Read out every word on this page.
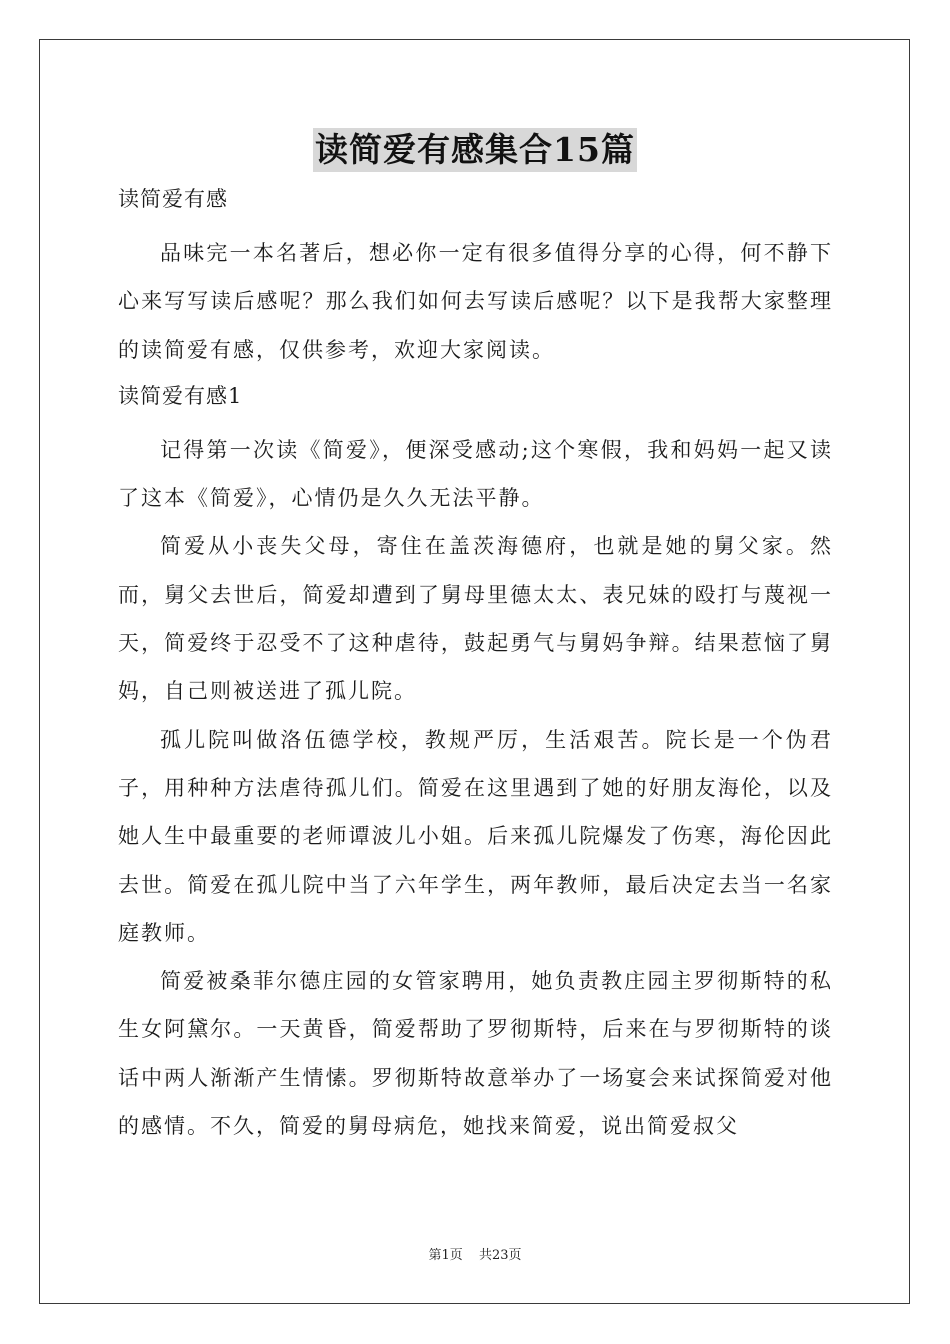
读简爱有感集合15篇

读简爱有感

品味完一本名著后，想必你一定有很多值得分享的心得，何不静下心来写写读后感呢？那么我们如何去写读后感呢？以下是我帮大家整理的读简爱有感，仅供参考，欢迎大家阅读。

读简爱有感1

记得第一次读《简爱》，便深受感动;这个寒假，我和妈妈一起又读了这本《简爱》，心情仍是久久无法平静。

简爱从小丧失父母，寄住在盖茨海德府，也就是她的舅父家。然而，舅父去世后，简爱却遭到了舅母里德太太、表兄妹的殴打与蔑视一天，简爱终于忍受不了这种虐待，鼓起勇气与舅妈争辩。结果惹恼了舅妈，自己则被送进了孤儿院。

孤儿院叫做洛伍德学校，教规严厉，生活艰苦。院长是一个伪君子，用种种方法虐待孤儿们。简爱在这里遇到了她的好朋友海伦，以及她人生中最重要的老师谭波儿小姐。后来孤儿院爆发了伤寒，海伦因此去世。简爱在孤儿院中当了六年学生，两年教师，最后决定去当一名家庭教师。

简爱被桑菲尔德庄园的女管家聘用，她负责教庄园主罗彻斯特的私生女阿黛尔。一天黄昏，简爱帮助了罗彻斯特，后来在与罗彻斯特的谈话中两人渐渐产生情愫。罗彻斯特故意举办了一场宴会来试探简爱对他的感情。不久，简爱的舅母病危，她找来简爱，说出简爱叔父

第1页 共23页
